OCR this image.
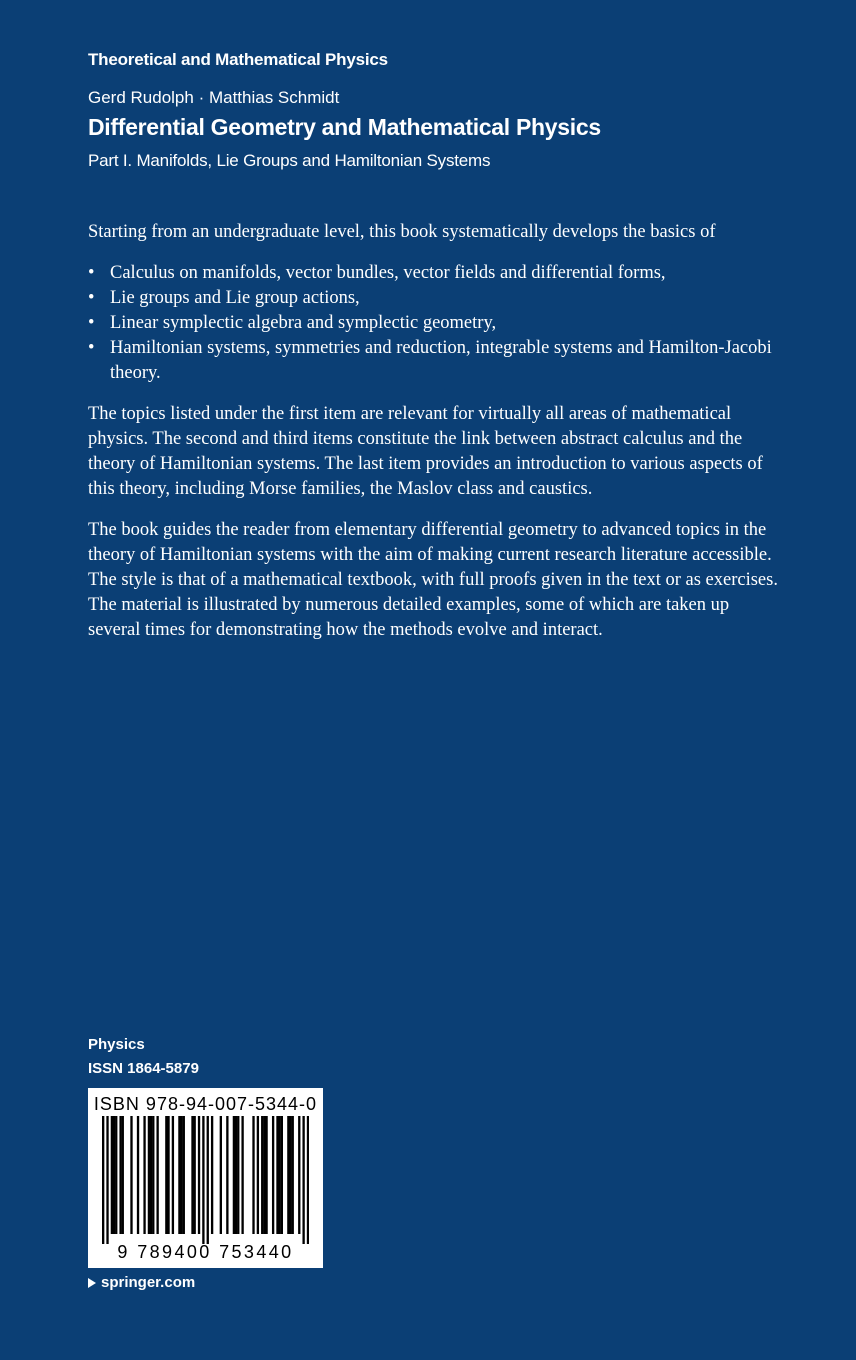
Theoretical and Mathematical Physics
Gerd Rudolph · Matthias Schmidt
Differential Geometry and Mathematical Physics
Part I. Manifolds, Lie Groups and Hamiltonian Systems

Starting from an undergraduate level, this book systematically develops the basics of

• Calculus on manifolds, vector bundles, vector fields and differential forms,
• Lie groups and Lie group actions,
• Linear symplectic algebra and symplectic geometry,
• Hamiltonian systems, symmetries and reduction, integrable systems and Hamilton-Jacobi theory.

The topics listed under the first item are relevant for virtually all areas of mathematical physics. The second and third items constitute the link between abstract calculus and the theory of Hamiltonian systems. The last item provides an introduction to various aspects of this theory, including Morse families, the Maslov class and caustics.

The book guides the reader from elementary differential geometry to advanced topics in the theory of Hamiltonian systems with the aim of making current research literature accessible. The style is that of a mathematical textbook, with full proofs given in the text or as exercises. The material is illustrated by numerous detailed examples, some of which are taken up several times for demonstrating how the methods evolve and interact.

Physics
ISSN 1864-5879
ISBN 978-94-007-5344-0
9 789400 753440
springer.com
